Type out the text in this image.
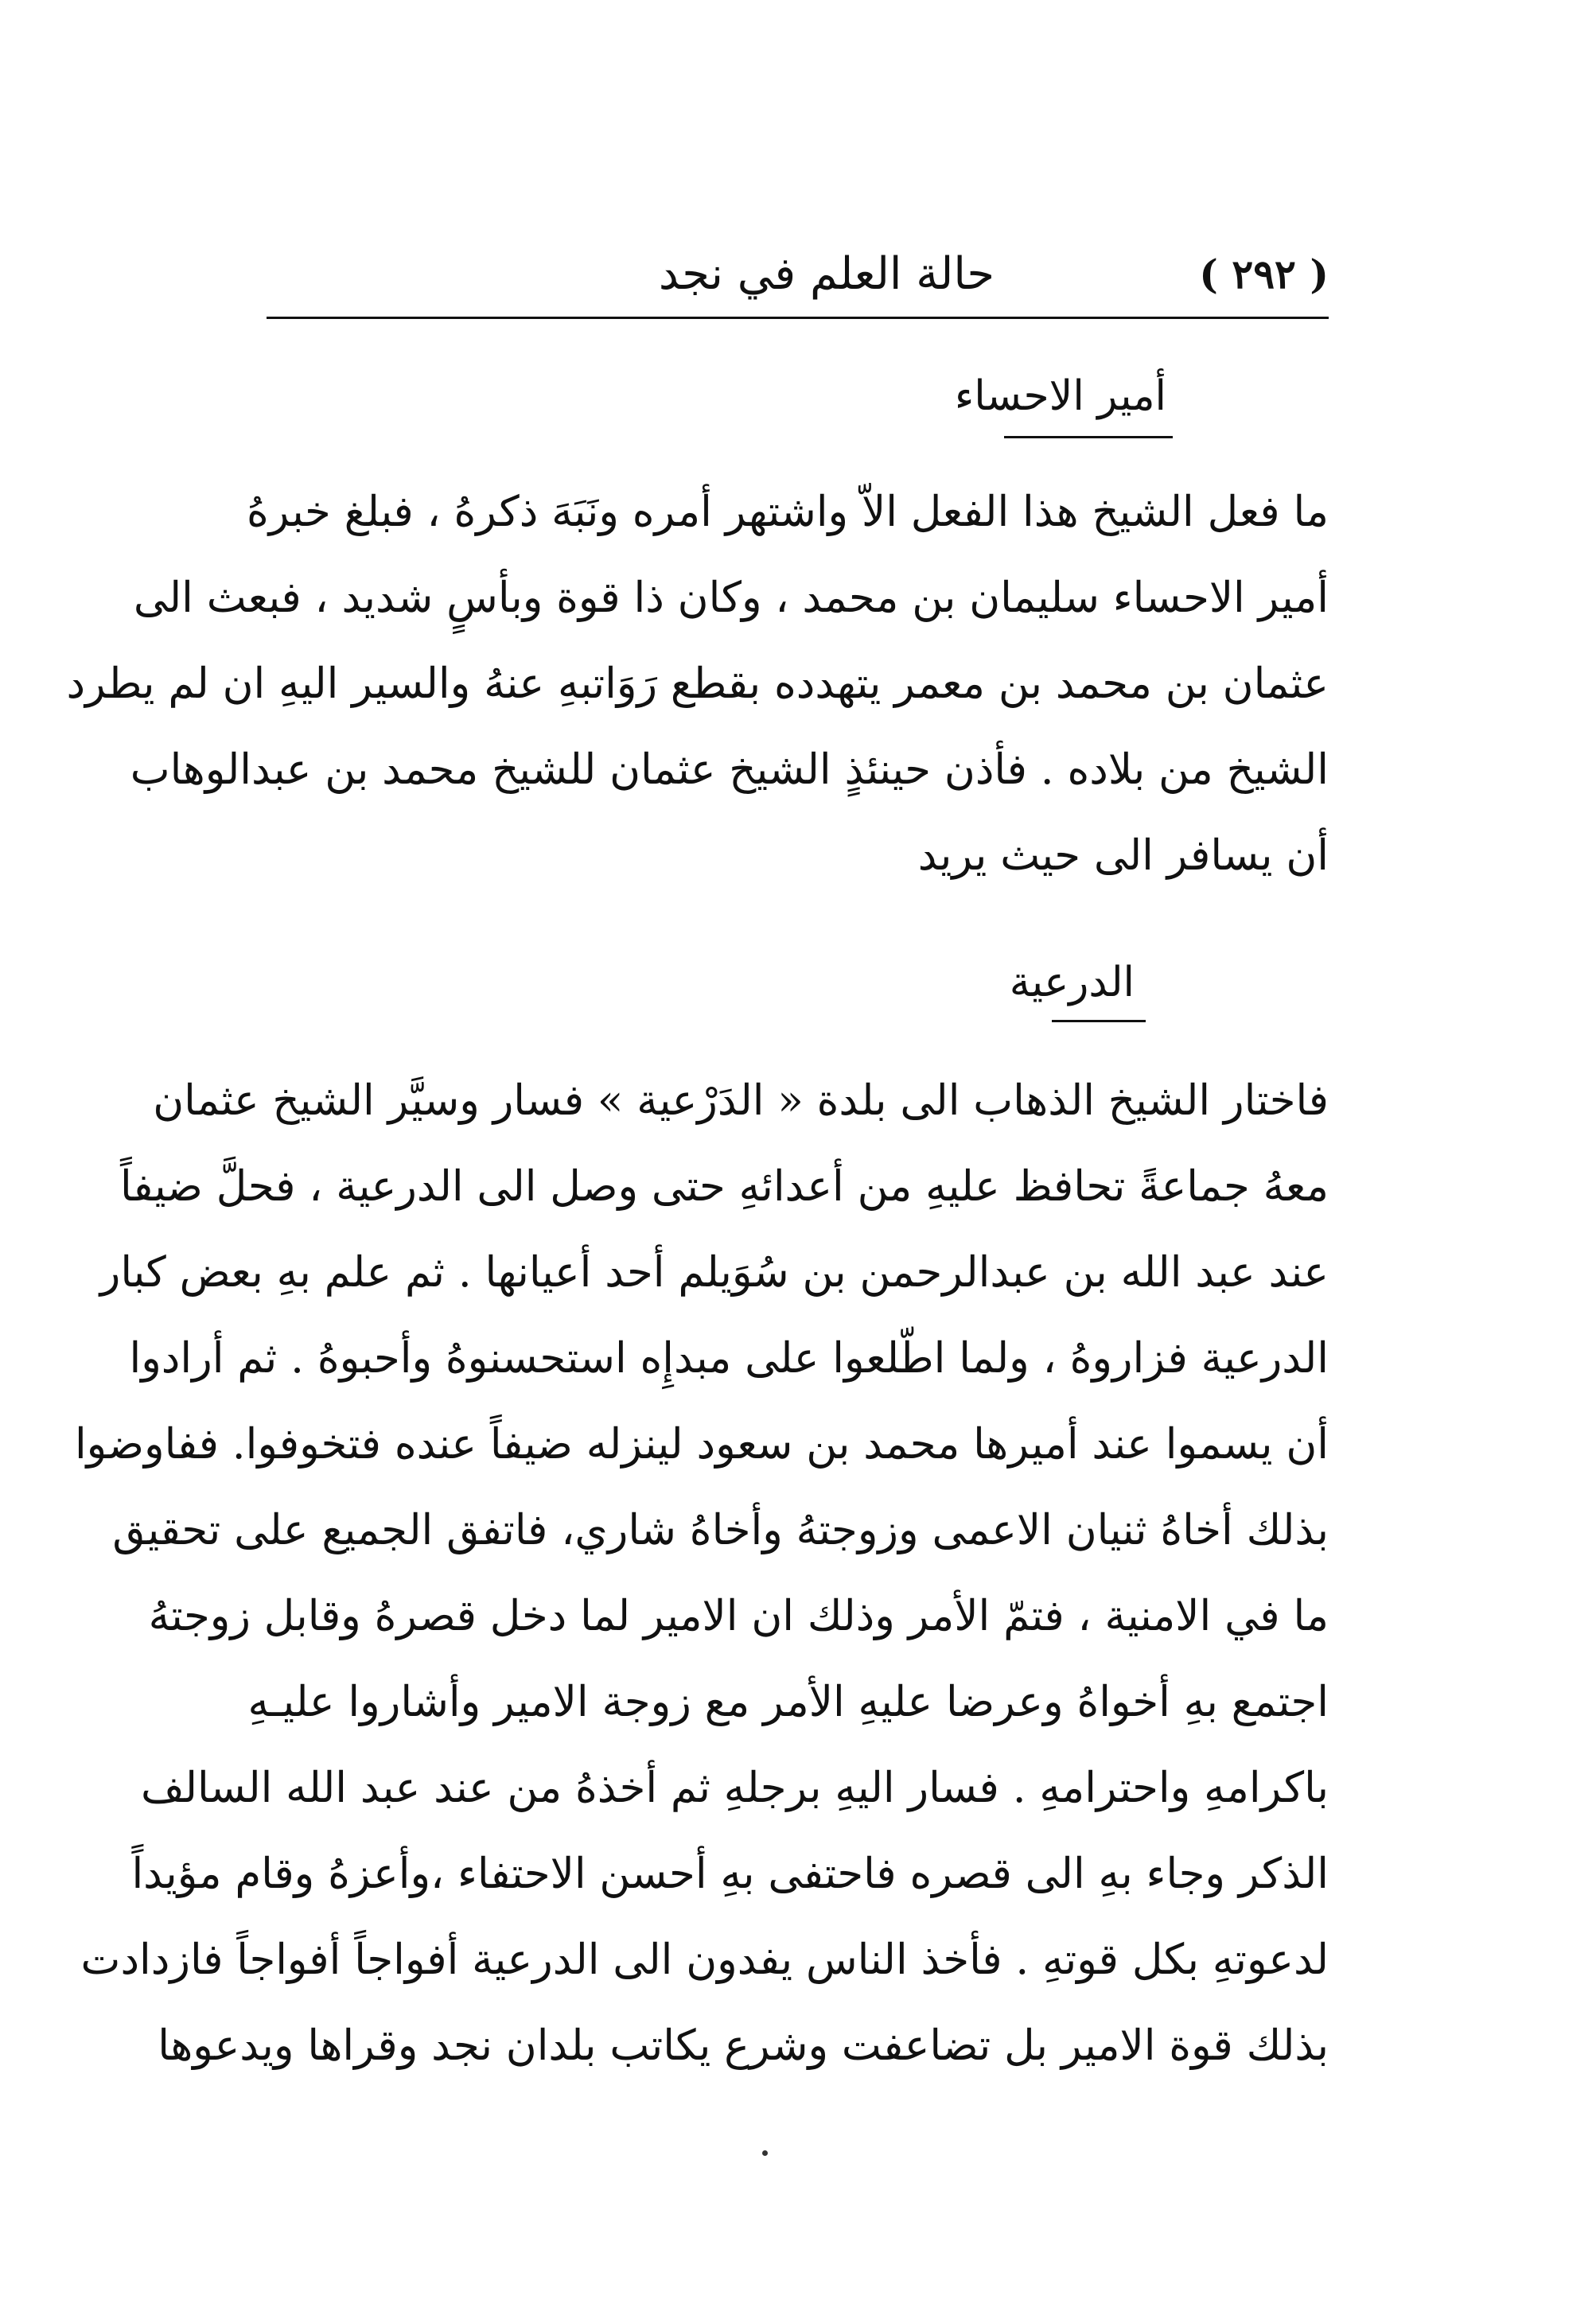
( ٢٩٢ )
حالة العلم في نجد
أمير الاحساء
ما فعل الشيخ هذا الفعل الاّ واشتهر أمره ونَبَهَ ذكرهُ ، فبلغ خبرهُ
أمير الاحساء سليمان بن محمد ، وكان ذا قوة وبأسٍ شديد ، فبعث الى
عثمان بن محمد بن معمر يتهدده بقطع رَوَاتبهِ عنهُ والسير اليهِ ان لم يطرد
الشيخ من بلاده . فأذن حينئذٍ الشيخ عثمان للشيخ محمد بن عبدالوهاب
أن يسافر الى حيث يريد
الدرعية
فاختار الشيخ الذهاب الى بلدة « الدَرْعية » فسار وسيَّر الشيخ عثمان
معهُ جماعةً تحافظ عليهِ من أعدائهِ حتى وصل الى الدرعية ، فحلَّ ضيفاً
عند عبد الله بن عبدالرحمن بن سُوَيلم أحد أعيانها . ثم علم بهِ بعض كبار
الدرعية فزاروهُ ، ولما اطّلعوا على مبدإِه استحسنوهُ وأحبوهُ . ثم أرادوا
أن يسموا عند أميرها محمد بن سعود لينزله ضيفاً عنده فتخوفوا. ففاوضوا
بذلك أخاهُ ثنيان الاعمى وزوجتهُ وأخاهُ شاري، فاتفق الجميع على تحقيق
ما في الامنية ، فتمّ الأمر وذلك ان الامير لما دخل قصرهُ وقابل زوجتهُ
اجتمع بهِ أخواهُ وعرضا عليهِ الأمر مع زوجة الامير وأشاروا عليـهِ
باكرامهِ واحترامهِ . فسار اليهِ برجلهِ ثم أخذهُ من عند عبد الله السالف
الذكر وجاء بهِ الى قصره فاحتفى بهِ أحسن الاحتفاء ،وأعزهُ وقام مؤيداً
لدعوتهِ بكل قوتهِ . فأخذ الناس يفدون الى الدرعية أفواجاً أفواجاً فازدادت
بذلك قوة الامير بل تضاعفت وشرع يكاتب بلدان نجد وقراها ويدعوها
